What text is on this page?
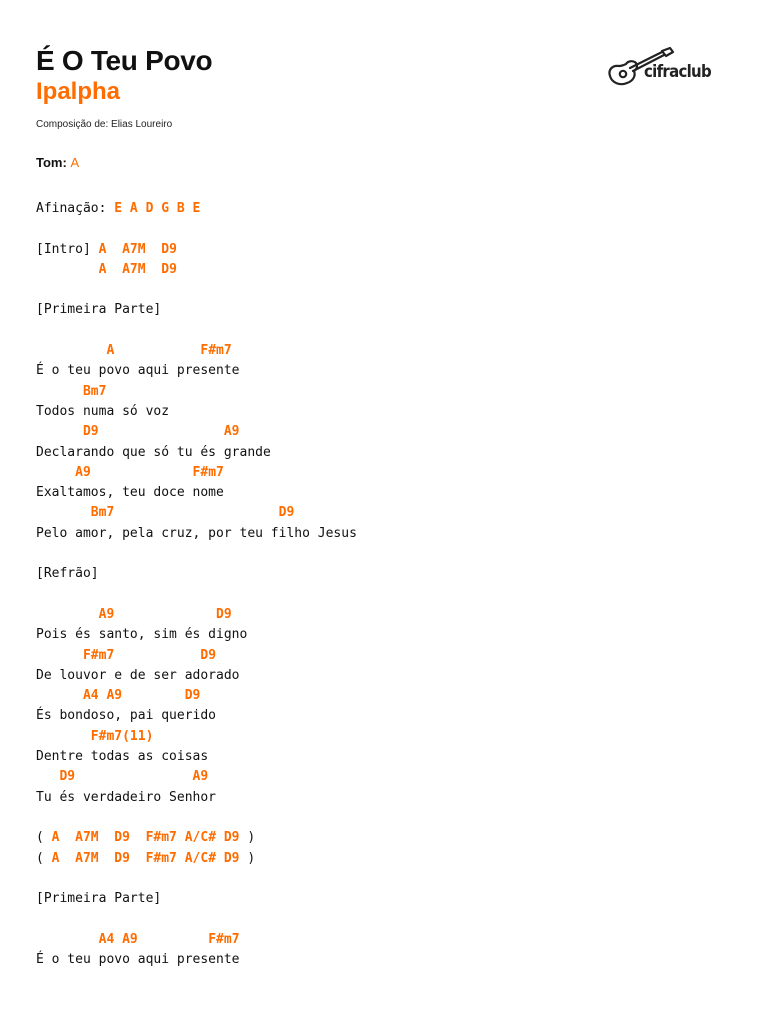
É O Teu Povo
Ipalpha
Composição de: Elias Loureiro
Tom: A
cifraclub
Afinação: E A D G B E
[Intro] A  A7M  D9
A  A7M  D9
[Primeira Parte]
A	F#m7
É o teu povo aqui presente
Bm7
Todos numa só voz
D9	A9
Declarando que só tu és grande
A9	F#m7
Exaltamos, teu doce nome
Bm7	D9
Pelo amor, pela cruz, por teu filho Jesus
[Refrão]
A9	D9
Pois és santo, sim és digno
F#m7	D9
De louvor e de ser adorado
A4 A9	D9
És bondoso, pai querido
F#m7(11)
Dentre todas as coisas
D9	A9
Tu és verdadeiro Senhor
( A  A7M  D9  F#m7 A/C# D9 )
( A  A7M  D9  F#m7 A/C# D9 )
[Primeira Parte]
A4 A9	F#m7
É o teu povo aqui presente
